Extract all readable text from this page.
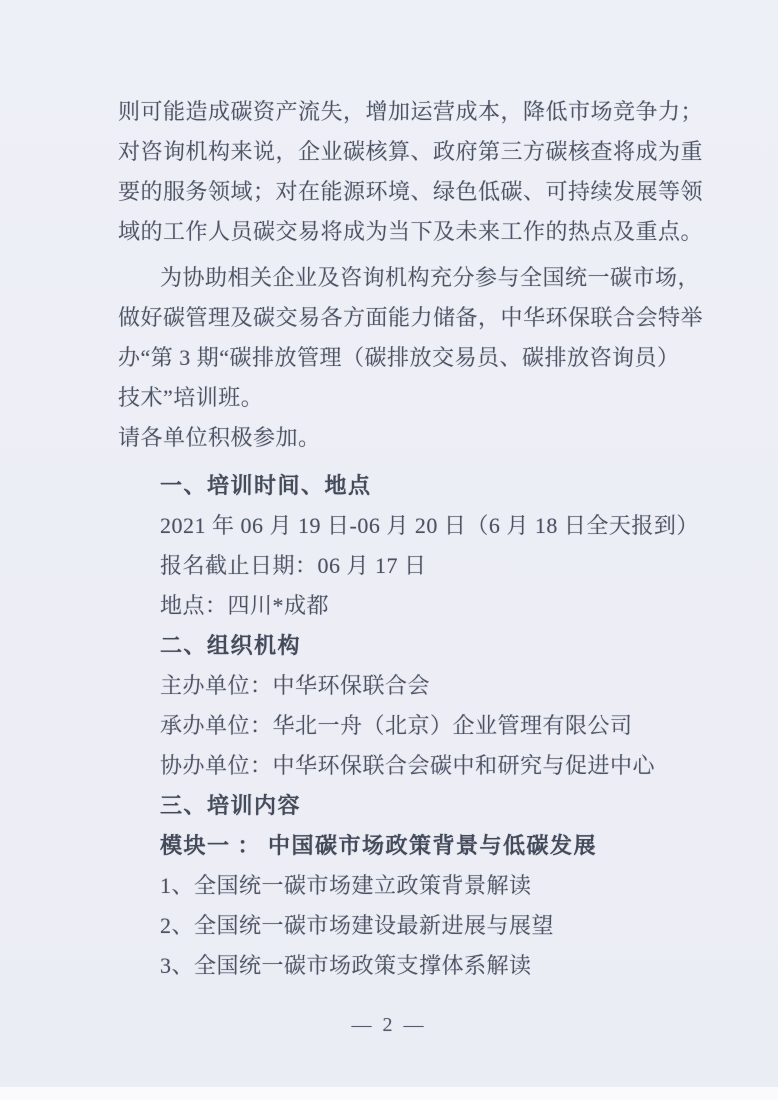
则可能造成碳资产流失，增加运营成本，降低市场竞争力；
对咨询机构来说，企业碳核算、政府第三方碳核查将成为重
要的服务领域；对在能源环境、绿色低碳、可持续发展等领
域的工作人员碳交易将成为当下及未来工作的热点及重点。
为协助相关企业及咨询机构充分参与全国统一碳市场，
做好碳管理及碳交易各方面能力储备，中华环保联合会特举
办“第 3 期“碳排放管理（碳排放交易员、碳排放咨询员）
技术”培训班。
请各单位积极参加。
一、培训时间、地点
2021 年 06 月 19 日-06 月 20 日（6 月 18 日全天报到）
报名截止日期：06 月 17 日
地点：四川*成都
二、组织机构
主办单位：中华环保联合会
承办单位：华北一舟（北京）企业管理有限公司
协办单位：中华环保联合会碳中和研究与促进中心
三、培训内容
模块一 ： 中国碳市场政策背景与低碳发展
1、全国统一碳市场建立政策背景解读
2、全国统一碳市场建设最新进展与展望
3、全国统一碳市场政策支撑体系解读
— 2 —
